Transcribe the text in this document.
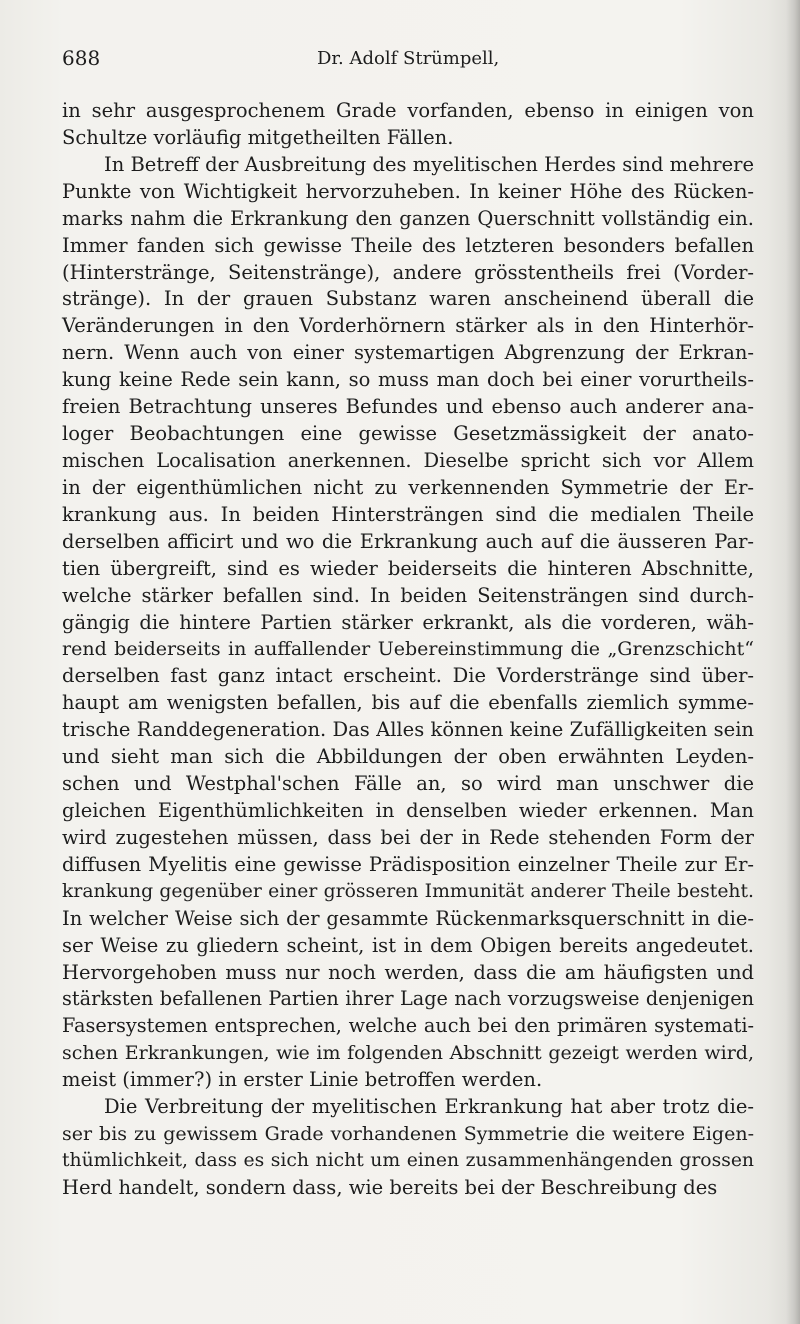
688	Dr. Adolf Strümpell,
in sehr ausgesprochenem Grade vorfanden, ebenso in einigen von
Schultze vorläufig mitgetheilten Fällen.
In Betreff der Ausbreitung des myelitischen Herdes sind mehrere
Punkte von Wichtigkeit hervorzuheben. In keiner Höhe des Rücken-
marks nahm die Erkrankung den ganzen Querschnitt vollständig ein.
Immer fanden sich gewisse Theile des letzteren besonders befallen
(Hinterstränge, Seitenstränge), andere grösstentheils frei (Vorder-
stränge). In der grauen Substanz waren anscheinend überall die
Veränderungen in den Vorderhörnern stärker als in den Hinterhör-
nern. Wenn auch von einer systemartigen Abgrenzung der Erkran-
kung keine Rede sein kann, so muss man doch bei einer vorurtheils-
freien Betrachtung unseres Befundes und ebenso auch anderer ana-
loger Beobachtungen eine gewisse Gesetzmässigkeit der anato-
mischen Localisation anerkennen. Dieselbe spricht sich vor Allem
in der eigenthümlichen nicht zu verkennenden Symmetrie der Er-
krankung aus. In beiden Hintersträngen sind die medialen Theile
derselben afficirt und wo die Erkrankung auch auf die äusseren Par-
tien übergreift, sind es wieder beiderseits die hinteren Abschnitte,
welche stärker befallen sind. In beiden Seitensträngen sind durch-
gängig die hintere Partien stärker erkrankt, als die vorderen, wäh-
rend beiderseits in auffallender Uebereinstimmung die „Grenzschicht“
derselben fast ganz intact erscheint. Die Vorderstränge sind über-
haupt am wenigsten befallen, bis auf die ebenfalls ziemlich symme-
trische Randdegeneration. Das Alles können keine Zufälligkeiten sein
und sieht man sich die Abbildungen der oben erwähnten Leyden-
schen und Westphal'schen Fälle an, so wird man unschwer die
gleichen Eigenthümlichkeiten in denselben wieder erkennen. Man
wird zugestehen müssen, dass bei der in Rede stehenden Form der
diffusen Myelitis eine gewisse Prädisposition einzelner Theile zur Er-
krankung gegenüber einer grösseren Immunität anderer Theile besteht.
In welcher Weise sich der gesammte Rückenmarksquerschnitt in die-
ser Weise zu gliedern scheint, ist in dem Obigen bereits angedeutet.
Hervorgehoben muss nur noch werden, dass die am häufigsten und
stärksten befallenen Partien ihrer Lage nach vorzugsweise denjenigen
Fasersystemen entsprechen, welche auch bei den primären systemati-
schen Erkrankungen, wie im folgenden Abschnitt gezeigt werden wird,
meist (immer?) in erster Linie betroffen werden.
Die Verbreitung der myelitischen Erkrankung hat aber trotz die-
ser bis zu gewissem Grade vorhandenen Symmetrie die weitere Eigen-
thümlichkeit, dass es sich nicht um einen zusammenhängenden grossen
Herd handelt, sondern dass, wie bereits bei der Beschreibung des
